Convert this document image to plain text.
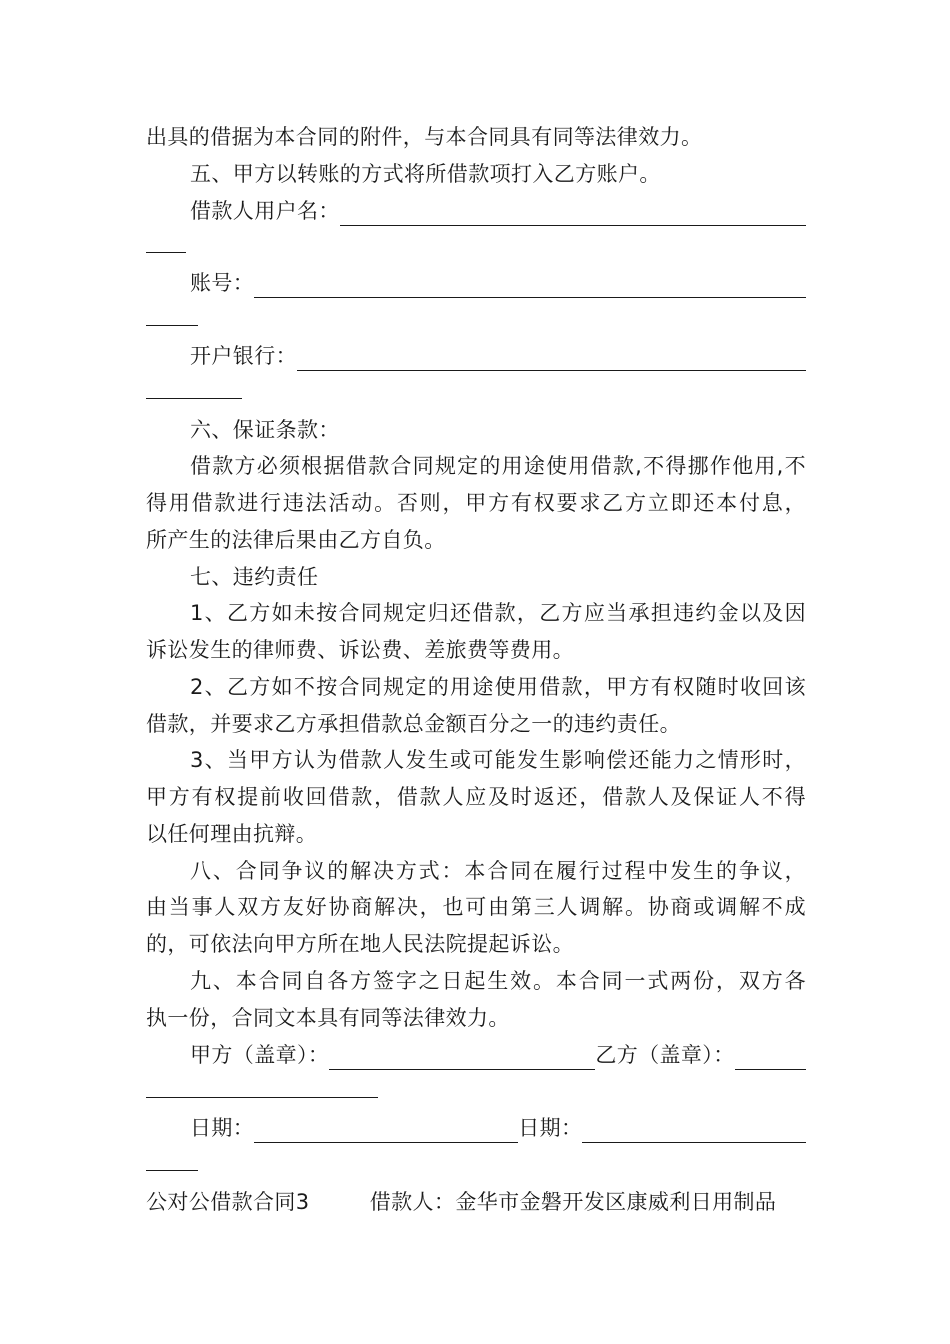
出具的借据为本合同的附件，与本合同具有同等法律效力。
五、甲方以转账的方式将所借款项打入乙方账户。
借款人用户名：
账号：
开户银行：
六、保证条款：
借款方必须根据借款合同规定的用途使用借款,不得挪作他用,不
得用借款进行违法活动。否则，甲方有权要求乙方立即还本付息，
所产生的法律后果由乙方自负。
七、违约责任
1、乙方如未按合同规定归还借款，乙方应当承担违约金以及因
诉讼发生的律师费、诉讼费、差旅费等费用。
2、乙方如不按合同规定的用途使用借款，甲方有权随时收回该
借款，并要求乙方承担借款总金额百分之一的违约责任。
3、当甲方认为借款人发生或可能发生影响偿还能力之情形时，
甲方有权提前收回借款，借款人应及时返还，借款人及保证人不得
以任何理由抗辩。
八、合同争议的解决方式：本合同在履行过程中发生的争议，
由当事人双方友好协商解决，也可由第三人调解。协商或调解不成
的，可依法向甲方所在地人民法院提起诉讼。
九、本合同自各方签字之日起生效。本合同一式两份，双方各
执一份，合同文本具有同等法律效力。
甲方（盖章）：	乙方（盖章）：
日期：	日期：
公对公借款合同3	借款人：金华市金磐开发区康威利日用制品
